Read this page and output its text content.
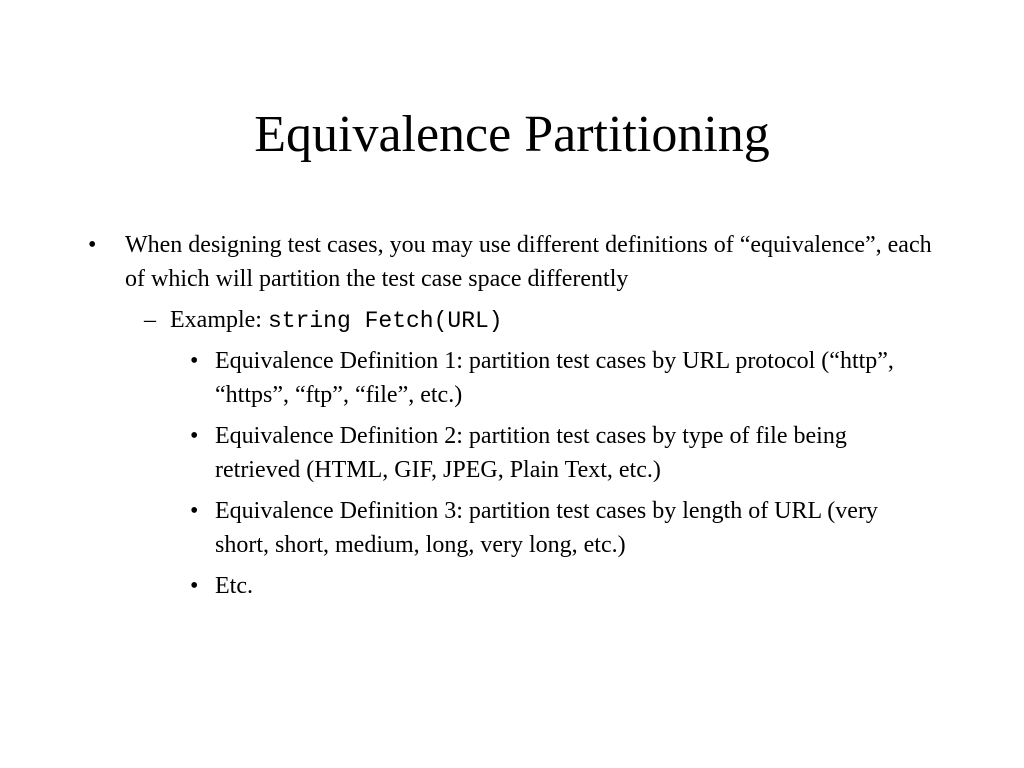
Equivalence Partitioning
• When designing test cases, you may use different definitions of “equivalence”, each of which will partition the test case space differently
– Example: string Fetch(URL)
• Equivalence Definition 1: partition test cases by URL protocol (“http”, “https”, “ftp”, “file”, etc.)
• Equivalence Definition 2: partition test cases by type of file being retrieved (HTML, GIF, JPEG, Plain Text, etc.)
• Equivalence Definition 3: partition test cases by length of URL (very short, short, medium, long, very long, etc.)
• Etc.
